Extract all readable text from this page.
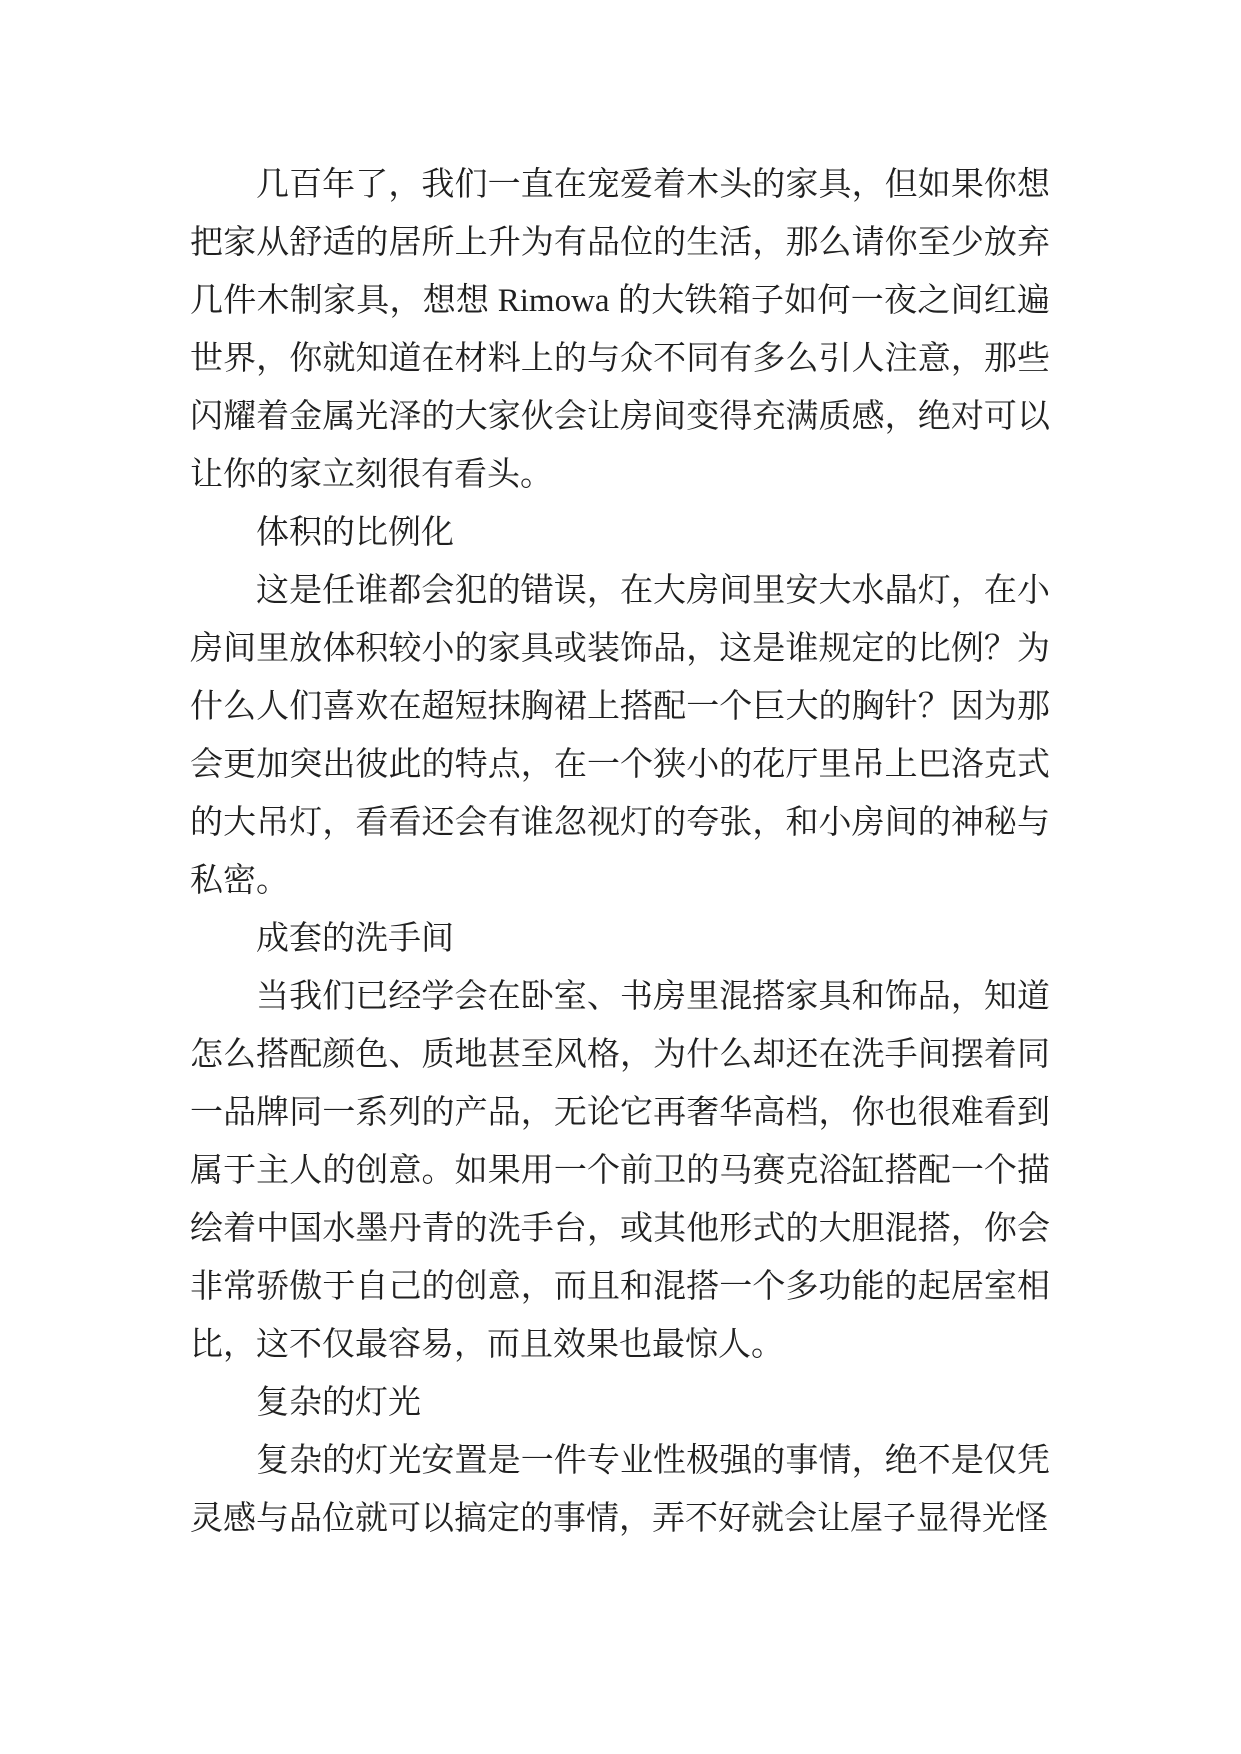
几百年了，我们一直在宠爱着木头的家具，但如果你想把家从舒适的居所上升为有品位的生活，那么请你至少放弃几件木制家具，想想 Rimowa 的大铁箱子如何一夜之间红遍世界，你就知道在材料上的与众不同有多么引人注意，那些闪耀着金属光泽的大家伙会让房间变得充满质感，绝对可以让你的家立刻很有看头。

体积的比例化

这是任谁都会犯的错误，在大房间里安大水晶灯，在小房间里放体积较小的家具或装饰品，这是谁规定的比例？为什么人们喜欢在超短抹胸裙上搭配一个巨大的胸针？因为那会更加突出彼此的特点，在一个狭小的花厅里吊上巴洛克式的大吊灯，看看还会有谁忽视灯的夸张，和小房间的神秘与私密。

成套的洗手间

当我们已经学会在卧室、书房里混搭家具和饰品，知道怎么搭配颜色、质地甚至风格，为什么却还在洗手间摆着同一品牌同一系列的产品，无论它再奢华高档，你也很难看到属于主人的创意。如果用一个前卫的马赛克浴缸搭配一个描绘着中国水墨丹青的洗手台，或其他形式的大胆混搭，你会非常骄傲于自己的创意，而且和混搭一个多功能的起居室相比，这不仅最容易，而且效果也最惊人。

复杂的灯光

复杂的灯光安置是一件专业性极强的事情，绝不是仅凭灵感与品位就可以搞定的事情，弄不好就会让屋子显得光怪
